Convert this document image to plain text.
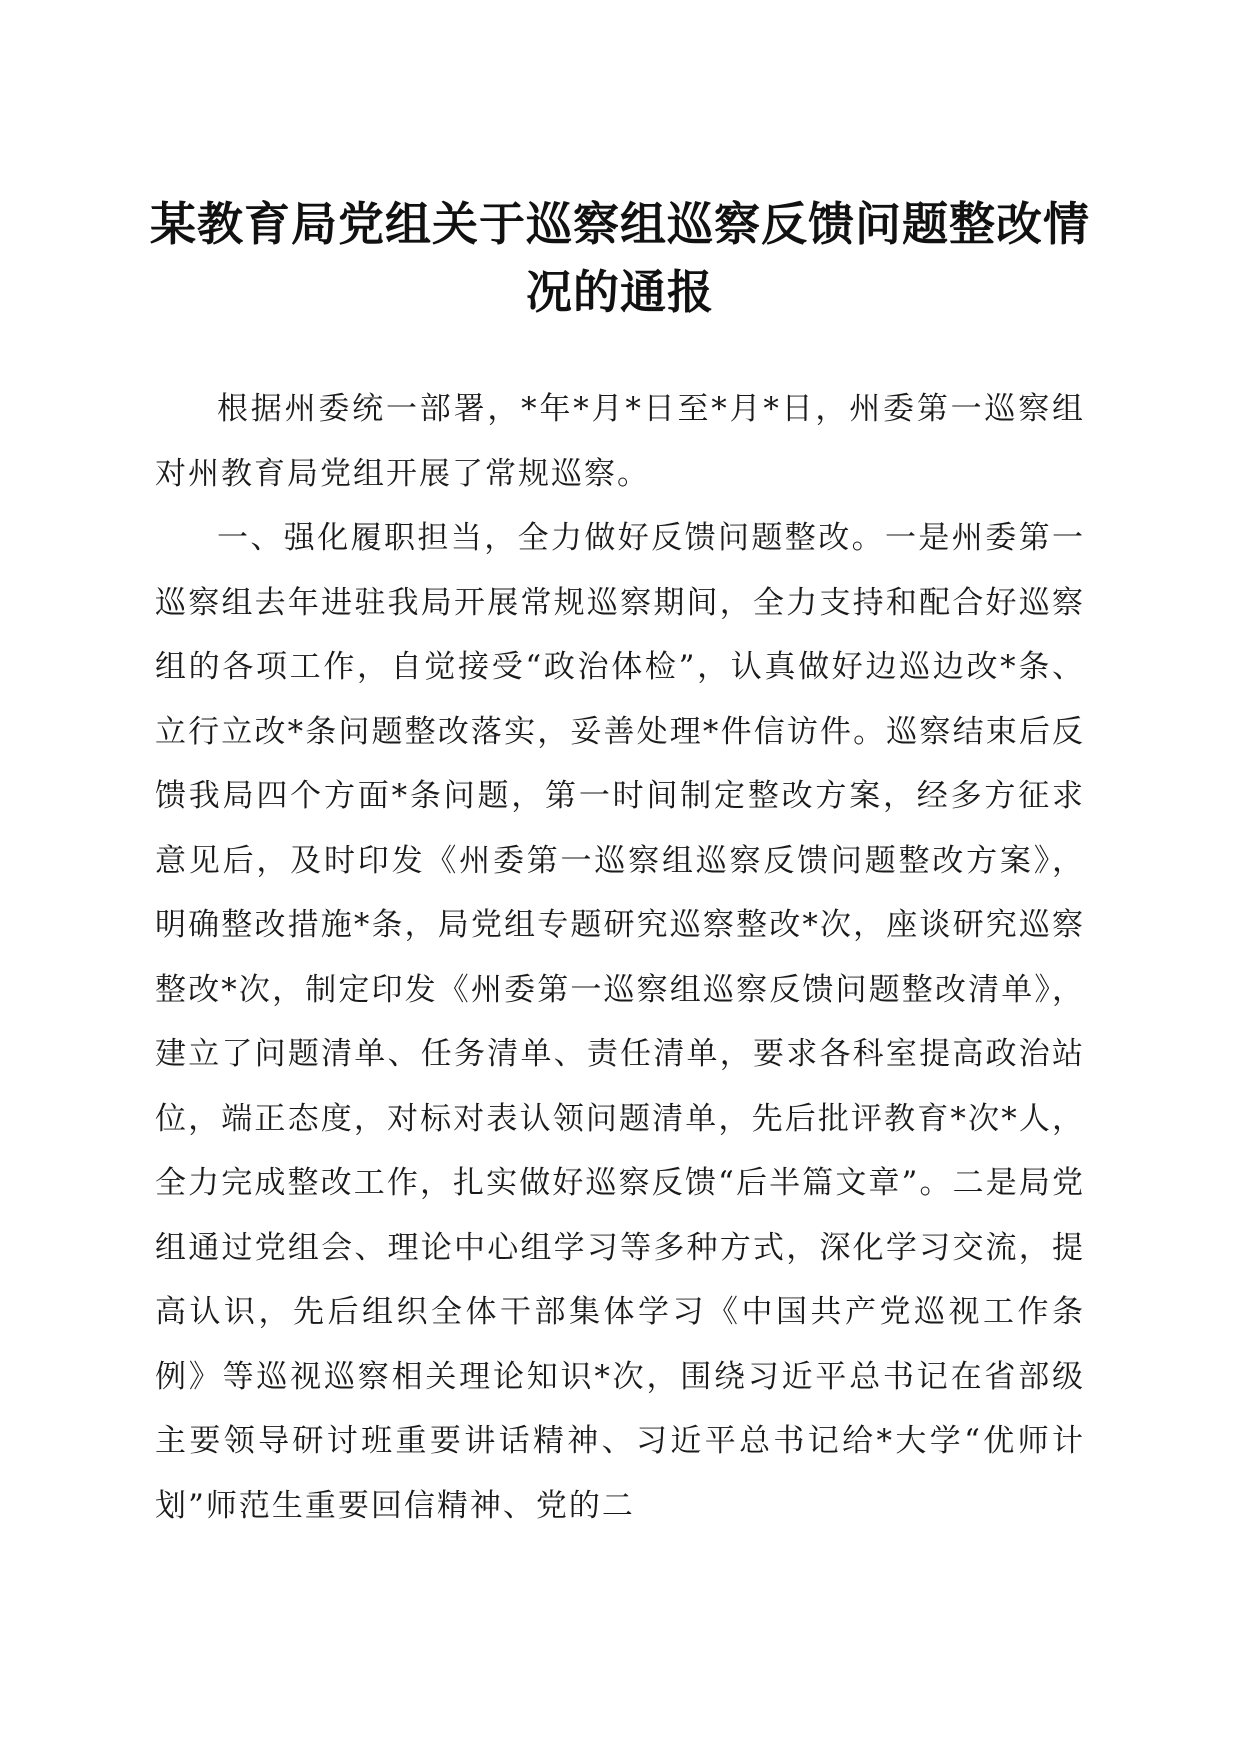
某教育局党组关于巡察组巡察反馈问题整改情况的通报

根据州委统一部署，*年*月*日至*月*日，州委第一巡察组对州教育局党组开展了常规巡察。

一、强化履职担当，全力做好反馈问题整改。一是州委第一巡察组去年进驻我局开展常规巡察期间，全力支持和配合好巡察组的各项工作，自觉接受“政治体检”，认真做好边巡边改*条、立行立改*条问题整改落实，妥善处理*件信访件。巡察结束后反馈我局四个方面*条问题，第一时间制定整改方案，经多方征求意见后，及时印发《州委第一巡察组巡察反馈问题整改方案》，明确整改措施*条，局党组专题研究巡察整改*次，座谈研究巡察整改*次，制定印发《州委第一巡察组巡察反馈问题整改清单》，建立了问题清单、任务清单、责任清单，要求各科室提高政治站位，端正态度，对标对表认领问题清单，先后批评教育*次*人，全力完成整改工作，扎实做好巡察反馈“后半篇文章”。二是局党组通过党组会、理论中心组学习等多种方式，深化学习交流，提高认识，先后组织全体干部集体学习《中国共产党巡视工作条例》等巡视巡察相关理论知识*次，围绕习近平总书记在省部级主要领导研讨班重要讲话精神、习近平总书记给*大学“优师计划”师范生重要回信精神、党的二
